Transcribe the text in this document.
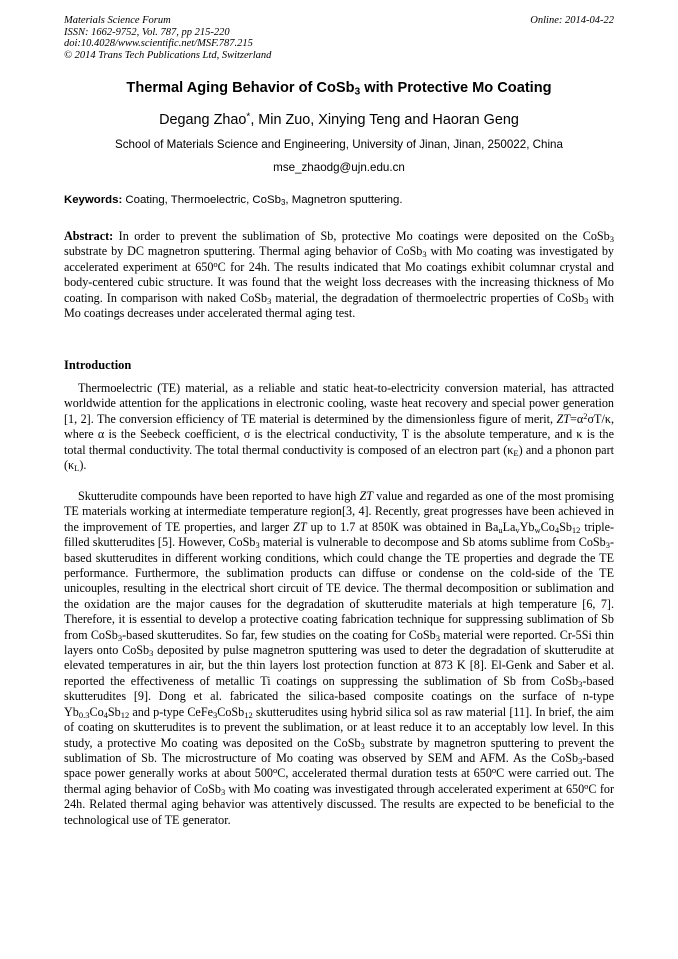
Materials Science Forum
ISSN: 1662-9752, Vol. 787, pp 215-220
doi:10.4028/www.scientific.net/MSF.787.215
© 2014 Trans Tech Publications Ltd, Switzerland
Online: 2014-04-22
Thermal Aging Behavior of CoSb$_3$ with Protective Mo Coating
Degang Zhao*, Min Zuo, Xinying Teng and Haoran Geng
School of Materials Science and Engineering, University of Jinan, Jinan, 250022, China
mse_zhaodg@ujn.edu.cn
Keywords: Coating, Thermoelectric, CoSb$_3$, Magnetron sputtering.

Abstract: In order to prevent the sublimation of Sb, protective Mo coatings were deposited on the CoSb$_3$ substrate by DC magnetron sputtering. Thermal aging behavior of CoSb$_3$ with Mo coating was investigated by accelerated experiment at 650$^o$C for 24h. The results indicated that Mo coatings exhibit columnar crystal and body-centered cubic structure. It was found that the weight loss decreases with the increasing thickness of Mo coating. In comparison with naked CoSb$_3$ material, the degradation of thermoelectric properties of CoSb$_3$ with Mo coatings decreases under accelerated thermal aging test.

Introduction

Thermoelectric (TE) material, as a reliable and static heat-to-electricity conversion material, has attracted worldwide attention for the applications in electronic cooling, waste heat recovery and special power generation [1, 2]. The conversion efficiency of TE material is determined by the dimensionless figure of merit, $ZT=\alpha^2\sigma T/\kappa$, where α is the Seebeck coefficient, σ is the electrical conductivity, T is the absolute temperature, and κ is the total thermal conductivity. The total thermal conductivity is composed of an electron part $(\kappa_E)$ and a phonon part $(\kappa_L)$.

Skutterudite compounds have been reported to have high ZT value and regarded as one of the most promising TE materials working at intermediate temperature region[3, 4]. Recently, great progresses have been achieved in the improvement of TE properties, and larger ZT up to 1.7 at 850K was obtained in $Ba_uLa_vYb_wCo_4Sb_{12}$ triple-filled skutterudites [5]. However, CoSb$_3$ material is vulnerable to decompose and Sb atoms sublime from CoSb$_3$-based skutterudites in different working conditions, which could change the TE properties and degrade the TE performance. Furthermore, the sublimation products can diffuse or condense on the cold-side of the TE unicouples, resulting in the electrical short circuit of TE device. The thermal decomposition or sublimation and the oxidation are the major causes for the degradation of skutterudite materials at high temperature [6, 7]. Therefore, it is essential to develop a protective coating fabrication technique for suppressing sublimation of Sb from CoSb$_3$-based skutterudites. So far, few studies on the coating for CoSb$_3$ material were reported. Cr-5Si thin layers onto CoSb$_3$ deposited by pulse magnetron sputtering was used to deter the degradation of skutterudite at elevated temperatures in air, but the thin layers lost protection function at 873 K [8]. El-Genk and Saber et al. reported the effectiveness of metallic Ti coatings on suppressing the sublimation of Sb from CoSb$_3$-based skutterudites [9]. Dong et al. fabricated the silica-based composite coatings on the surface of n-type $Yb_{0.3}Co_4Sb_{12}$ and p-type CeFe$_3$CoSb$_{12}$ skutterudites using hybrid silica sol as raw material [11]. In brief, the aim of coating on skutterudites is to prevent the sublimation, or at least reduce it to an acceptably low level. In this study, a protective Mo coating was deposited on the CoSb$_3$ substrate by magnetron sputtering to prevent the sublimation of Sb. The microstructure of Mo coating was observed by SEM and AFM. As the CoSb$_3$-based space power generally works at about 500$^o$C, accelerated thermal duration tests at 650$^o$C were carried out. The thermal aging behavior of CoSb$_3$ with Mo coating was investigated through accelerated experiment at 650$^o$C for 24h. Related thermal aging behavior was attentively discussed. The results are expected to be beneficial to the technological use of TE generator.
